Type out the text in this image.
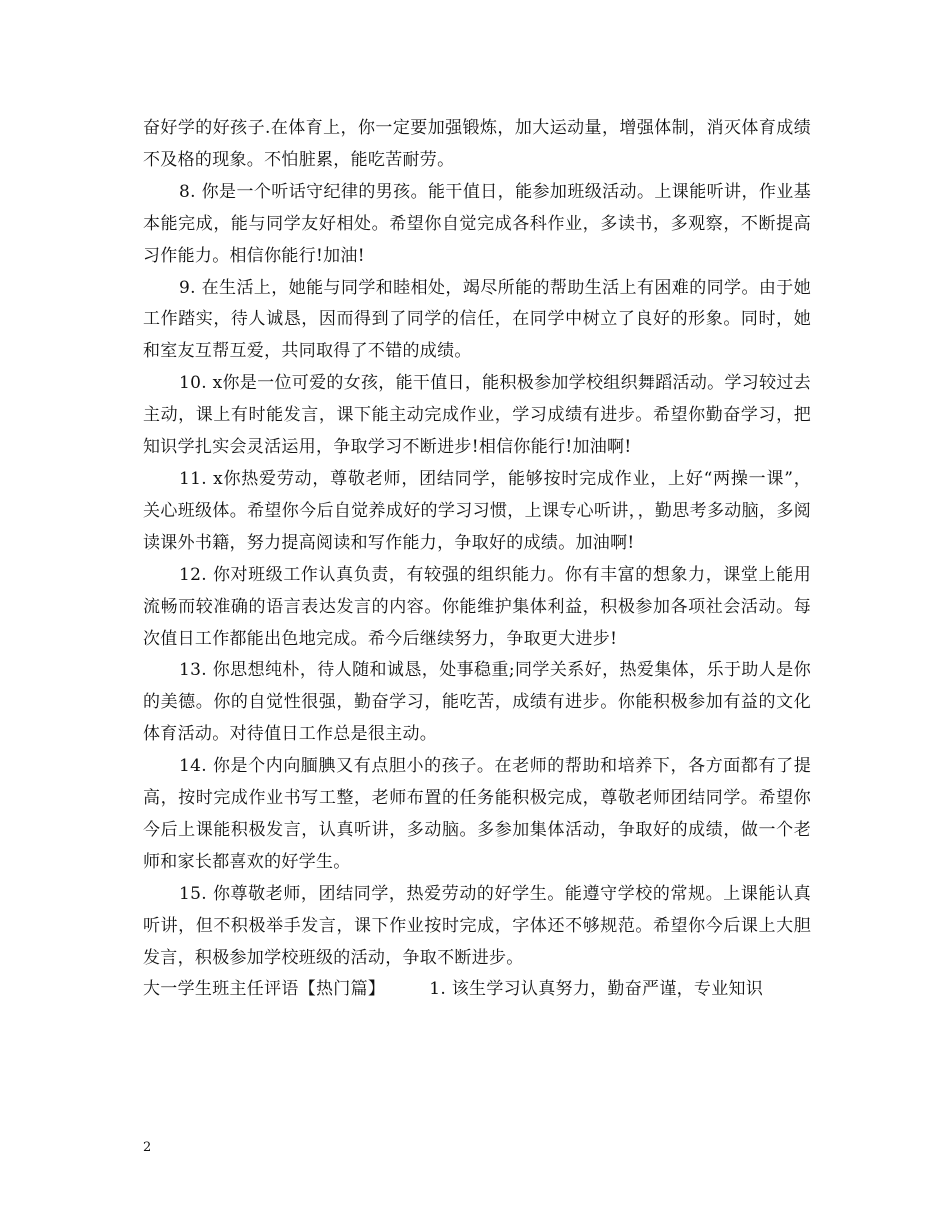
奋好学的好孩子.在体育上，你一定要加强锻炼，加大运动量，增强体制，消灭体育成绩不及格的现象。不怕脏累，能吃苦耐劳。

8. 你是一个听话守纪律的男孩。能干值日，能参加班级活动。上课能听讲，作业基本能完成，能与同学友好相处。希望你自觉完成各科作业，多读书，多观察，不断提高习作能力。相信你能行!加油!

9. 在生活上，她能与同学和睦相处，竭尽所能的帮助生活上有困难的同学。由于她工作踏实，待人诚恳，因而得到了同学的信任，在同学中树立了良好的形象。同时，她和室友互帮互爱，共同取得了不错的成绩。

10. x你是一位可爱的女孩，能干值日，能积极参加学校组织舞蹈活动。学习较过去主动，课上有时能发言，课下能主动完成作业，学习成绩有进步。希望你勤奋学习，把知识学扎实会灵活运用，争取学习不断进步!相信你能行!加油啊!

11. x你热爱劳动，尊敬老师，团结同学，能够按时完成作业，上好“两操一课”，关心班级体。希望你今后自觉养成好的学习习惯，上课专心听讲，，勤思考多动脑，多阅读课外书籍，努力提高阅读和写作能力，争取好的成绩。加油啊!

12. 你对班级工作认真负责，有较强的组织能力。你有丰富的想象力，课堂上能用流畅而较准确的语言表达发言的内容。你能维护集体利益，积极参加各项社会活动。每次值日工作都能出色地完成。希今后继续努力，争取更大进步!

13. 你思想纯朴，待人随和诚恳，处事稳重;同学关系好，热爱集体，乐于助人是你的美德。你的自觉性很强，勤奋学习，能吃苦，成绩有进步。你能积极参加有益的文化体育活动。对待值日工作总是很主动。

14. 你是个内向腼腆又有点胆小的孩子。在老师的帮助和培养下，各方面都有了提高，按时完成作业书写工整，老师布置的任务能积极完成，尊敬老师团结同学。希望你今后上课能积极发言，认真听讲，多动脑。多参加集体活动，争取好的成绩，做一个老师和家长都喜欢的好学生。

15. 你尊敬老师，团结同学，热爱劳动的好学生。能遵守学校的常规。上课能认真听讲，但不积极举手发言，课下作业按时完成，字体还不够规范。希望你今后课上大胆发言，积极参加学校班级的活动，争取不断进步。

大一学生班主任评语【热门篇】	1. 该生学习认真努力，勤奋严谨，专业知识

2
